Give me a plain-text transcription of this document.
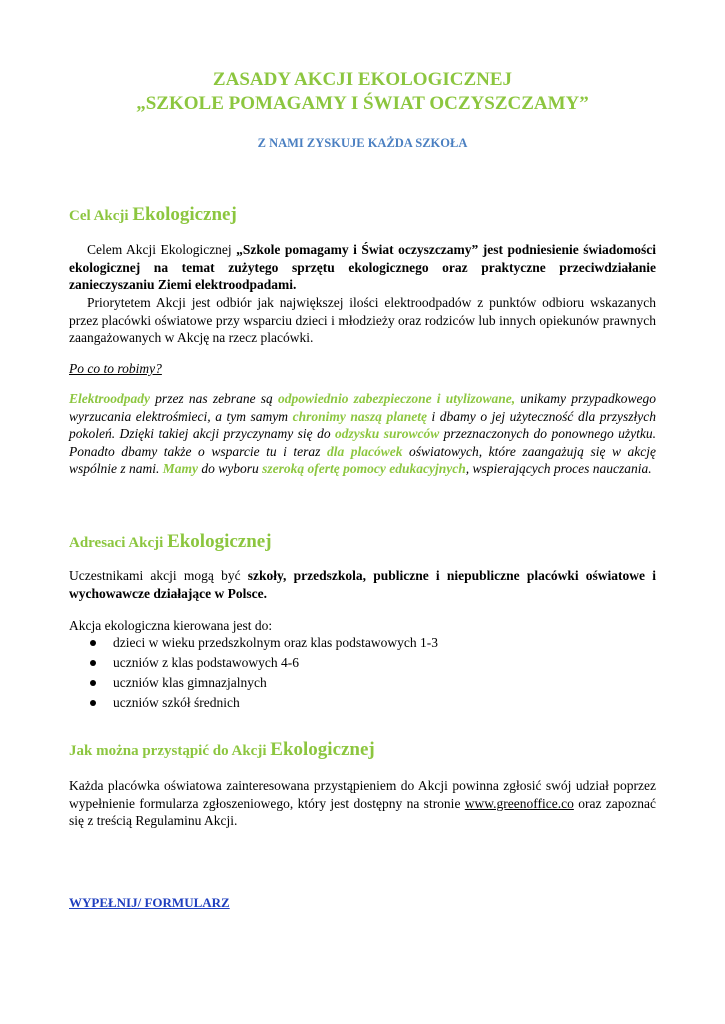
ZASADY AKCJI EKOLOGICZNEJ
„SZKOLE POMAGAMY I ŚWIAT OCZYSZCZAMY”
Z NAMI ZYSKUJE KAŻDA SZKOŁA
Cel Akcji Ekologicznej
Celem Akcji Ekologicznej „Szkole pomagamy i Świat oczyszczamy” jest podniesienie świadomości ekologicznej na temat zużytego sprzętu ekologicznego oraz praktyczne przeciwdziałanie zanieczyszaniu Ziemi elektroodpadami.
Priorytetem Akcji jest odbiór jak największej ilości elektroodpadów z punktów odbioru wskazanych przez placówki oświatowe przy wsparciu dzieci i młodzieży oraz rodziców lub innych opiekunów prawnych zaangażowanych w Akcję na rzecz placówki.
Po co to robimy?
Elektroodpady przez nas zebrane są odpowiednio zabezpieczone i utylizowane, unikamy przypadkowego wyrzucania elektrośmieci, a tym samym chronimy naszą planetę i dbamy o jej użyteczność dla przyszłych pokoleń. Dzięki takiej akcji przyczynamy się do odzysku surowców przeznaczonych do ponownego użytku. Ponadto dbamy także o wsparcie tu i teraz dla placówek oświatowych, które zaangażują się w akcję wspólnie z nami. Mamy do wyboru szeroką ofertę pomocy edukacyjnych, wspierających proces nauczania.
Adresaci Akcji Ekologicznej
Uczestnikami akcji mogą być szkoły, przedszkola, publiczne i niepubliczne placówki oświatowe i wychowawcze działające w Polsce.
Akcja ekologiczna kierowana jest do:
dzieci w wieku przedszkolnym oraz klas podstawowych 1-3
uczniów z klas podstawowych 4-6
uczniów klas gimnazjalnych
uczniów szkół średnich
Jak można przystąpić do Akcji Ekologicznej
Każda placówka oświatowa zainteresowana przystąpieniem do Akcji powinna zgłosić swój udział poprzez wypełnienie formularza zgłoszeniowego, który jest dostępny na stronie www.greenoffice.co oraz zapoznać się z treścią Regulaminu Akcji.
WYPEŁNIJ/ FORMULARZ
